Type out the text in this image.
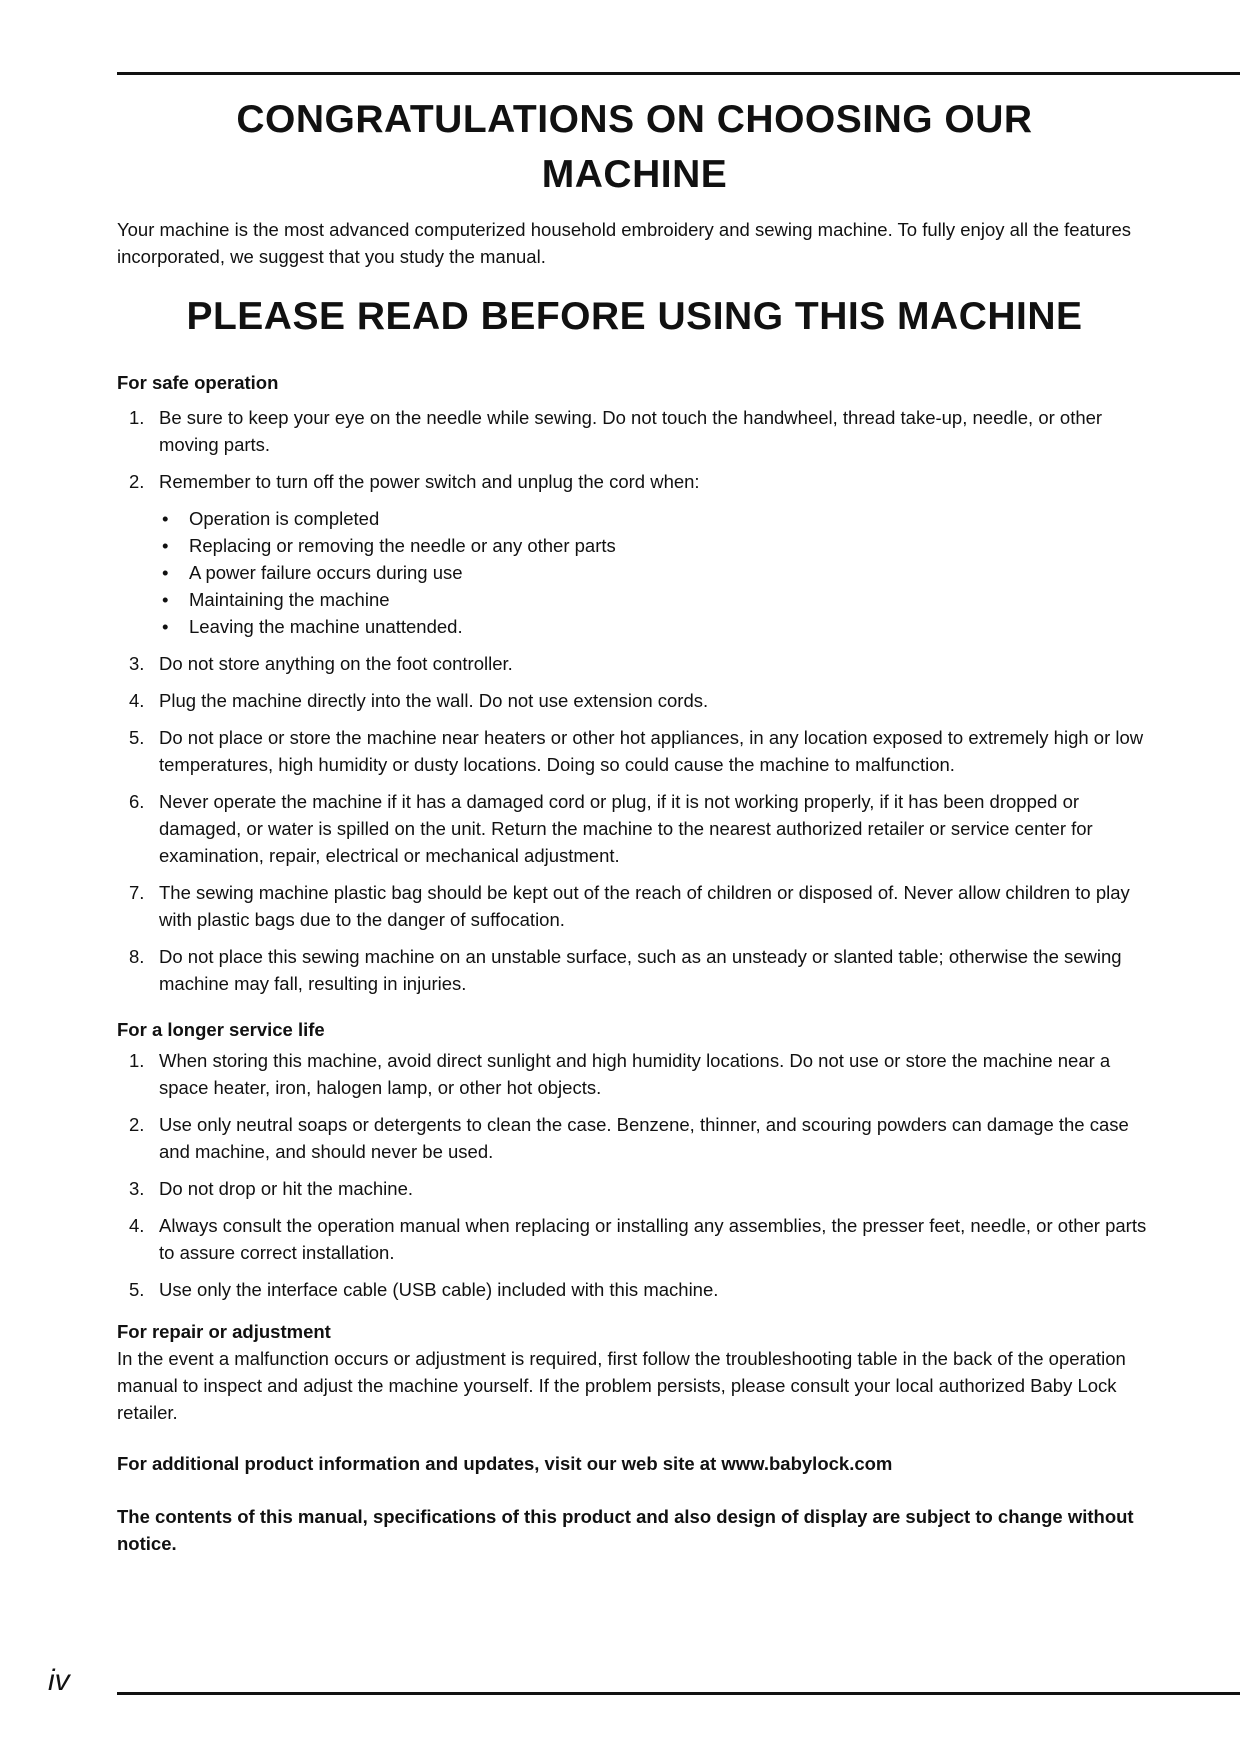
CONGRATULATIONS ON CHOOSING OUR MACHINE

Your machine is the most advanced computerized household embroidery and sewing machine. To fully enjoy all the features incorporated, we suggest that you study the manual.

PLEASE READ BEFORE USING THIS MACHINE

For safe operation

1. Be sure to keep your eye on the needle while sewing. Do not touch the handwheel, thread take-up, needle, or other moving parts.
2. Remember to turn off the power switch and unplug the cord when:
• Operation is completed
• Replacing or removing the needle or any other parts
• A power failure occurs during use
• Maintaining the machine
• Leaving the machine unattended.
3. Do not store anything on the foot controller.
4. Plug the machine directly into the wall. Do not use extension cords.
5. Do not place or store the machine near heaters or other hot appliances, in any location exposed to extremely high or low temperatures, high humidity or dusty locations. Doing so could cause the machine to malfunction.
6. Never operate the machine if it has a damaged cord or plug, if it is not working properly, if it has been dropped or damaged, or water is spilled on the unit. Return the machine to the nearest authorized retailer or service center for examination, repair, electrical or mechanical adjustment.
7. The sewing machine plastic bag should be kept out of the reach of children or disposed of. Never allow children to play with plastic bags due to the danger of suffocation.
8. Do not place this sewing machine on an unstable surface, such as an unsteady or slanted table; otherwise the sewing machine may fall, resulting in injuries.

For a longer service life

1. When storing this machine, avoid direct sunlight and high humidity locations. Do not use or store the machine near a space heater, iron, halogen lamp, or other hot objects.
2. Use only neutral soaps or detergents to clean the case. Benzene, thinner, and scouring powders can damage the case and machine, and should never be used.
3. Do not drop or hit the machine.
4. Always consult the operation manual when replacing or installing any assemblies, the presser feet, needle, or other parts to assure correct installation.
5. Use only the interface cable (USB cable) included with this machine.

For repair or adjustment

In the event a malfunction occurs or adjustment is required, first follow the troubleshooting table in the back of the operation manual to inspect and adjust the machine yourself. If the problem persists, please consult your local authorized Baby Lock retailer.

For additional product information and updates, visit our web site at www.babylock.com

The contents of this manual, specifications of this product and also design of display are subject to change without notice.

iv
